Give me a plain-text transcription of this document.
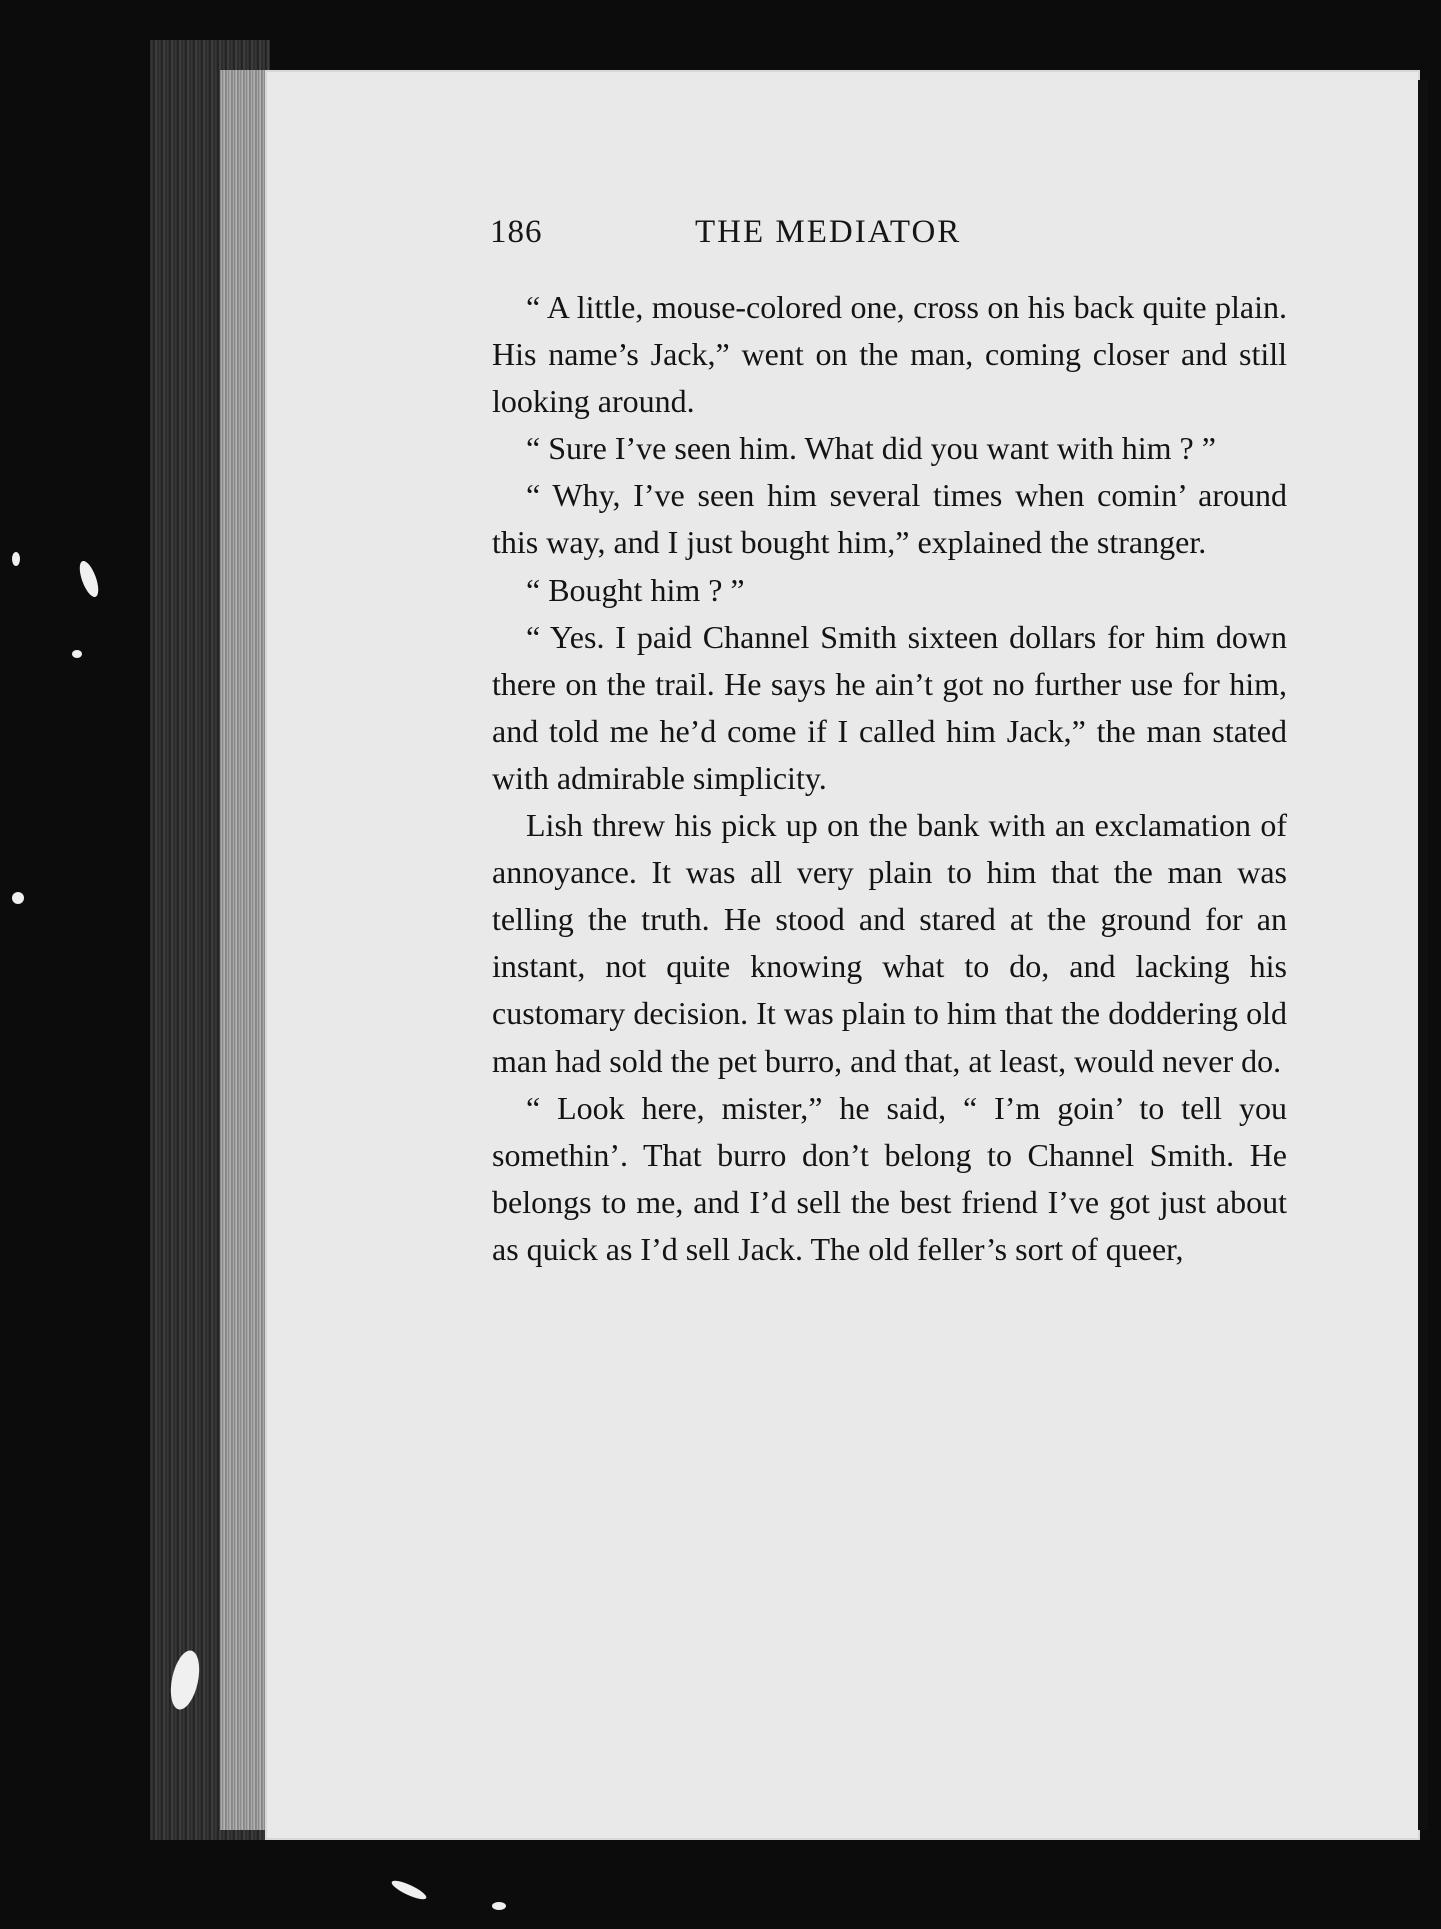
186	THE MEDIATOR

“ A little, mouse-colored one, cross on his back quite plain. His name’s Jack,” went on the man, coming closer and still looking around.

“ Sure I’ve seen him. What did you want with him ? ”

“ Why, I’ve seen him several times when comin’ around this way, and I just bought him,” explained the stranger.

“ Bought him ? ”

“ Yes. I paid Channel Smith sixteen dollars for him down there on the trail. He says he ain’t got no further use for him, and told me he’d come if I called him Jack,” the man stated with admirable simplicity.

Lish threw his pick up on the bank with an exclamation of annoyance. It was all very plain to him that the man was telling the truth. He stood and stared at the ground for an instant, not quite knowing what to do, and lacking his customary decision. It was plain to him that the doddering old man had sold the pet burro, and that, at least, would never do.

“ Look here, mister,” he said, “ I’m goin’ to tell you somethin’. That burro don’t belong to Channel Smith. He belongs to me, and I’d sell the best friend I’ve got just about as quick as I’d sell Jack. The old feller’s sort of queer,
